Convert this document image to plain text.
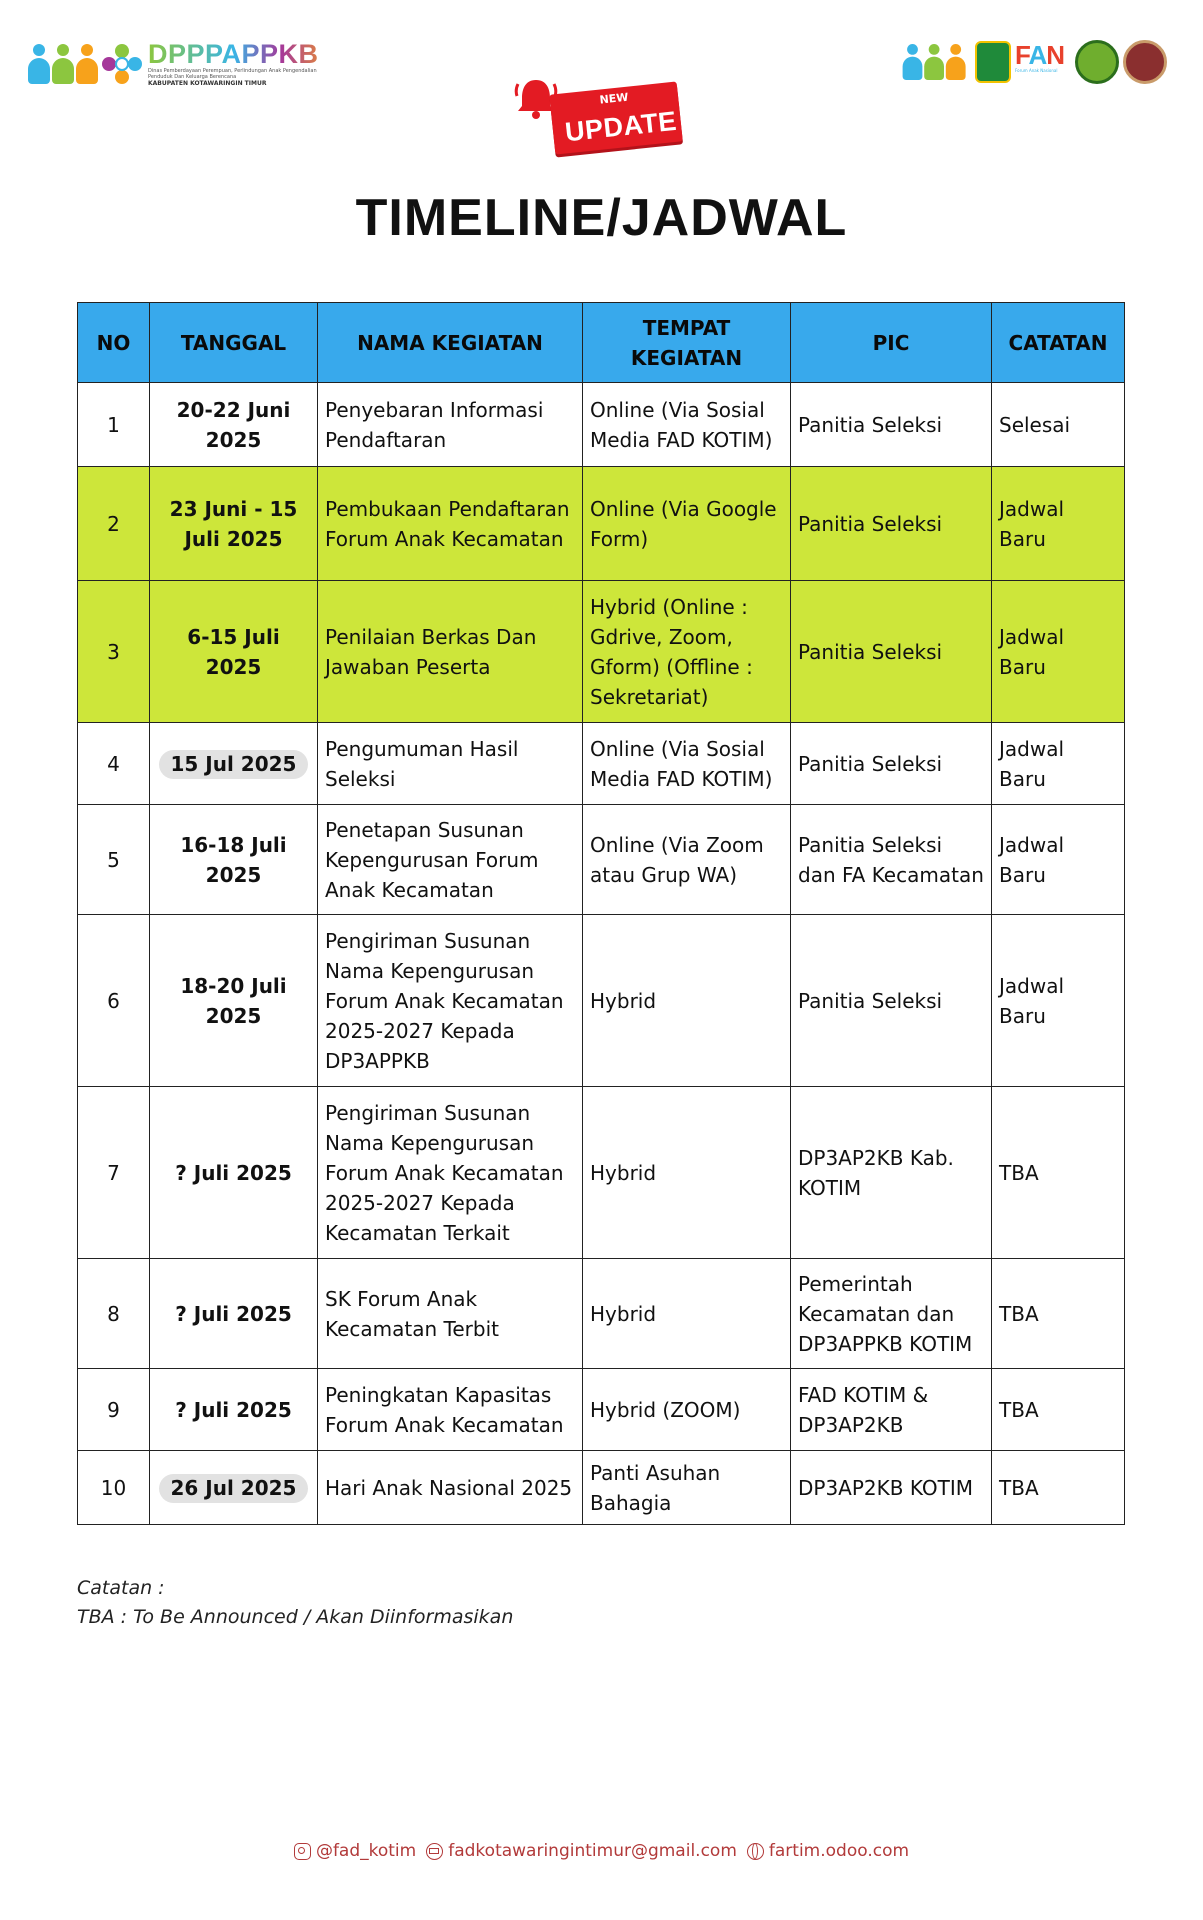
DPPPAPPKB
Dinas Pemberdayaan Perempuan, Perlindungan Anak Pengendalian Penduduk Dan Keluarga Berencana
KABUPATEN KOTAWARINGIN TIMUR
FAN
Forum Anak Nasional
NEW
UPDATE
TIMELINE/JADWAL
NO	TANGGAL	NAMA KEGIATAN	TEMPAT KEGIATAN	PIC	CATATAN
1	20-22 Juni 2025	Penyebaran Informasi Pendaftaran	Online (Via Sosial Media FAD KOTIM)	Panitia Seleksi	Selesai
2	23 Juni - 15 Juli 2025	Pembukaan Pendaftaran Forum Anak Kecamatan	Online (Via Google Form)	Panitia Seleksi	Jadwal Baru
3	6-15 Juli 2025	Penilaian Berkas Dan Jawaban Peserta	Hybrid (Online : Gdrive, Zoom, Gform) (Offline : Sekretariat)	Panitia Seleksi	Jadwal Baru
4	15 Jul 2025	Pengumuman Hasil Seleksi	Online (Via Sosial Media FAD KOTIM)	Panitia Seleksi	Jadwal Baru
5	16-18 Juli 2025	Penetapan Susunan Kepengurusan Forum Anak Kecamatan	Online (Via Zoom atau Grup WA)	Panitia Seleksi dan FA Kecamatan	Jadwal Baru
6	18-20 Juli 2025	Pengiriman Susunan Nama Kepengurusan Forum Anak Kecamatan 2025-2027 Kepada DP3APPKB	Hybrid	Panitia Seleksi	Jadwal Baru
7	? Juli 2025	Pengiriman Susunan Nama Kepengurusan Forum Anak Kecamatan 2025-2027 Kepada Kecamatan Terkait	Hybrid	DP3AP2KB Kab. KOTIM	TBA
8	? Juli 2025	SK Forum Anak Kecamatan Terbit	Hybrid	Pemerintah Kecamatan dan DP3APPKB KOTIM	TBA
9	? Juli 2025	Peningkatan Kapasitas Forum Anak Kecamatan	Hybrid (ZOOM)	FAD KOTIM & DP3AP2KB	TBA
10	26 Jul 2025	Hari Anak Nasional 2025	Panti Asuhan Bahagia	DP3AP2KB KOTIM	TBA
Catatan :
TBA : To Be Announced / Akan Diinformasikan
@fad_kotim fadkotawaringintimur@gmail.com fartim.odoo.com
